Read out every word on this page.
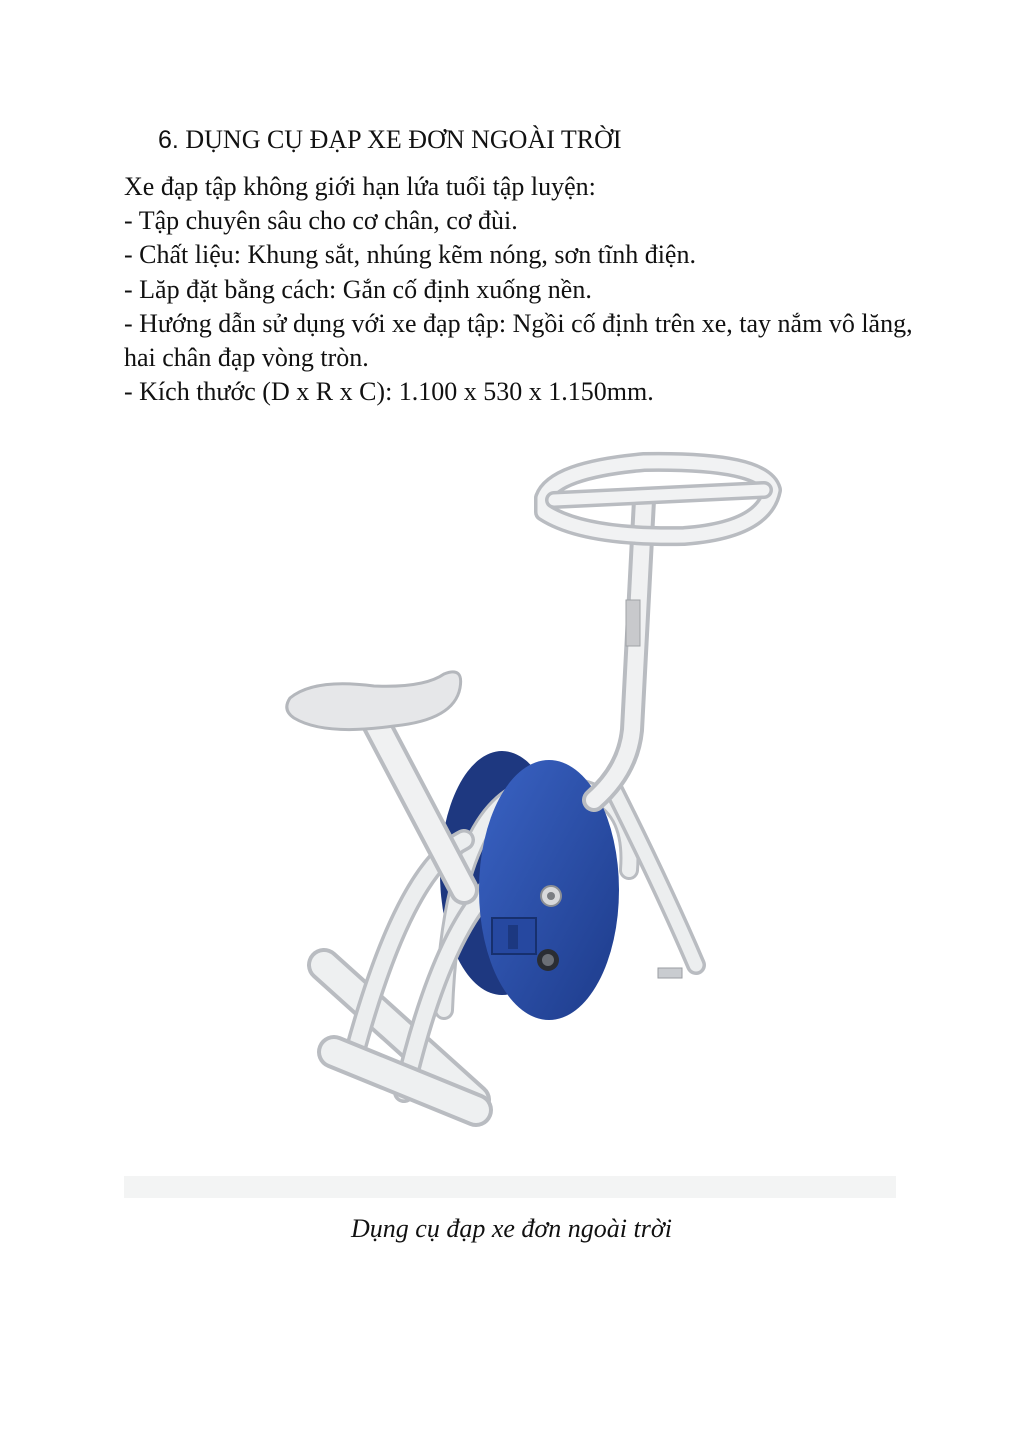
6. DỤNG CỤ ĐẠP XE ĐƠN NGOÀI TRỜI

Xe đạp tập không giới hạn lứa tuổi tập luyện:

- Tập chuyên sâu cho cơ chân, cơ đùi.

- Chất liệu: Khung sắt, nhúng kẽm nóng, sơn tĩnh điện.

- Lăp đặt bằng cách: Gắn cố định xuống nền.

- Hướng dẫn sử dụng với xe đạp tập: Ngồi cố định trên xe, tay nắm vô lăng, hai chân đạp vòng tròn.

- Kích thước (D x R x C): 1.100 x 530 x 1.150mm.

Dụng cụ đạp xe đơn ngoài trời
